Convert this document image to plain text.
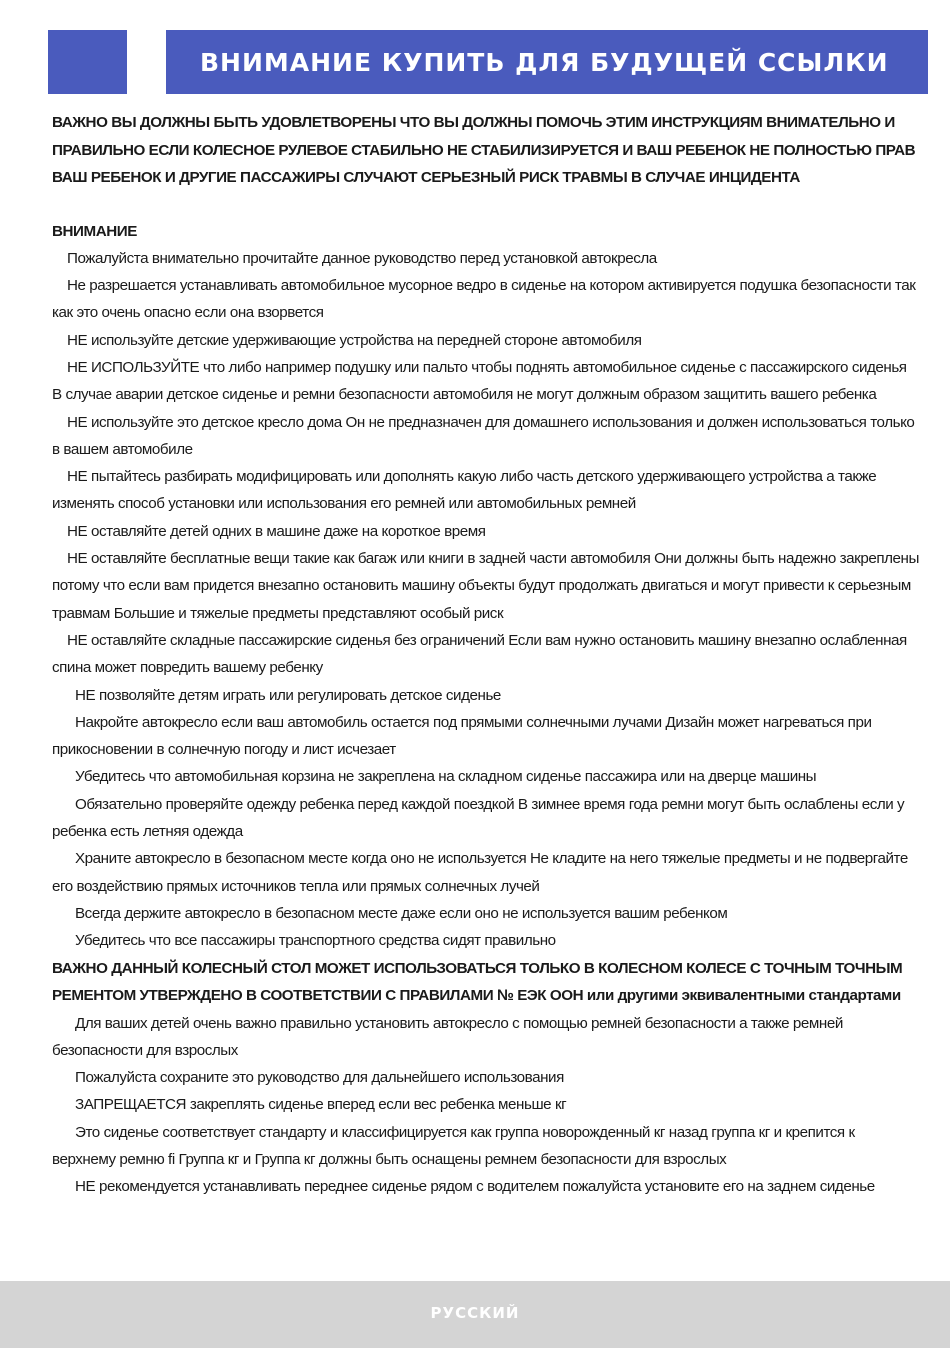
ВНИМАНИЕ КУПИТЬ ДЛЯ БУДУЩЕЙ ССЫЛКИ

ВАЖНО ВЫ ДОЛЖНЫ БЫТЬ УДОВЛЕТВОРЕНЫ ЧТО ВЫ ДОЛЖНЫ ПОМОЧЬ ЭТИМ ИНСТРУКЦИЯМ ВНИМАТЕЛЬНО И ПРАВИЛЬНО ЕСЛИ КОЛЕСНОЕ РУЛЕВОЕ СТАБИЛЬНО НЕ СТАБИЛИЗИРУЕТСЯ И ВАШ РЕБЕНОК НЕ ПОЛНОСТЬЮ ПРАВ ВАШ РЕБЕНОК И ДРУГИЕ ПАССАЖИРЫ СЛУЧАЮТ СЕРЬЕЗНЫЙ РИСК ТРАВМЫ В СЛУЧАЕ ИНЦИДЕНТА

ВНИМАНИЕ

Пожалуйста внимательно прочитайте данное руководство перед установкой автокресла

Не разрешается устанавливать автомобильное мусорное ведро в сиденье на котором активируется подушка безопасности так как это очень опасно если она взорвется

НЕ используйте детские удерживающие устройства на передней стороне автомобиля

НЕ ИСПОЛЬЗУЙТЕ что либо например подушку или пальто чтобы поднять автомобильное сиденье с пассажирского сиденья В случае аварии детское сиденье и ремни безопасности автомобиля не могут должным образом защитить вашего ребенка

НЕ используйте это детское кресло дома Он не предназначен для домашнего использования и должен использоваться только в вашем автомобиле

НЕ пытайтесь разбирать модифицировать или дополнять какую либо часть детского удерживающего устройства а также изменять способ установки или использования его ремней или автомобильных ремней

НЕ оставляйте детей одних в машине даже на короткое время

НЕ оставляйте бесплатные вещи такие как багаж или книги в задней части автомобиля Они должны быть надежно закреплены потому что если вам придется внезапно остановить машину объекты будут продолжать двигаться и могут привести к серьезным травмам Большие и тяжелые предметы представляют особый риск

НЕ оставляйте складные пассажирские сиденья без ограничений Если вам нужно остановить машину внезапно ослабленная спина может повредить вашему ребенку

НЕ позволяйте детям играть или регулировать детское сиденье

Накройте автокресло если ваш автомобиль остается под прямыми солнечными лучами Дизайн может нагреваться при прикосновении в солнечную погоду и лист исчезает

Убедитесь что автомобильная корзина не закреплена на складном сиденье пассажира или на дверце машины

Обязательно проверяйте одежду ребенка перед каждой поездкой В зимнее время года ремни могут быть ослаблены если у ребенка есть летняя одежда

Храните автокресло в безопасном месте когда оно не используется Не кладите на него тяжелые предметы и не подвергайте его воздействию прямых источников тепла или прямых солнечных лучей

Всегда держите автокресло в безопасном месте даже если оно не используется вашим ребенком

Убедитесь что все пассажиры транспортного средства сидят правильно

ВАЖНО ДАННЫЙ КОЛЕСНЫЙ СТОЛ МОЖЕТ ИСПОЛЬЗОВАТЬСЯ ТОЛЬКО В КОЛЕСНОМ КОЛЕСЕ С ТОЧНЫМ ТОЧНЫМ РЕМЕНТОМ УТВЕРЖДЕНО В СООТВЕТСТВИИ С ПРАВИЛАМИ № ЕЭК ООН или другими эквивалентными стандартами

Для ваших детей очень важно правильно установить автокресло с помощью ремней безопасности а также ремней безопасности для взрослых

Пожалуйста сохраните это руководство для дальнейшего использования

ЗАПРЕЩАЕТСЯ закреплять сиденье вперед если вес ребенка меньше кг

Это сиденье соответствует стандарту и классифицируется как группа новорожденный кг назад группа кг и крепится к верхнему ремню fi Группа кг и Группа кг должны быть оснащены ремнем безопасности для взрослых

НЕ рекомендуется устанавливать переднее сиденье рядом с водителем пожалуйста установите его на заднем сиденье

РУССКИЙ
